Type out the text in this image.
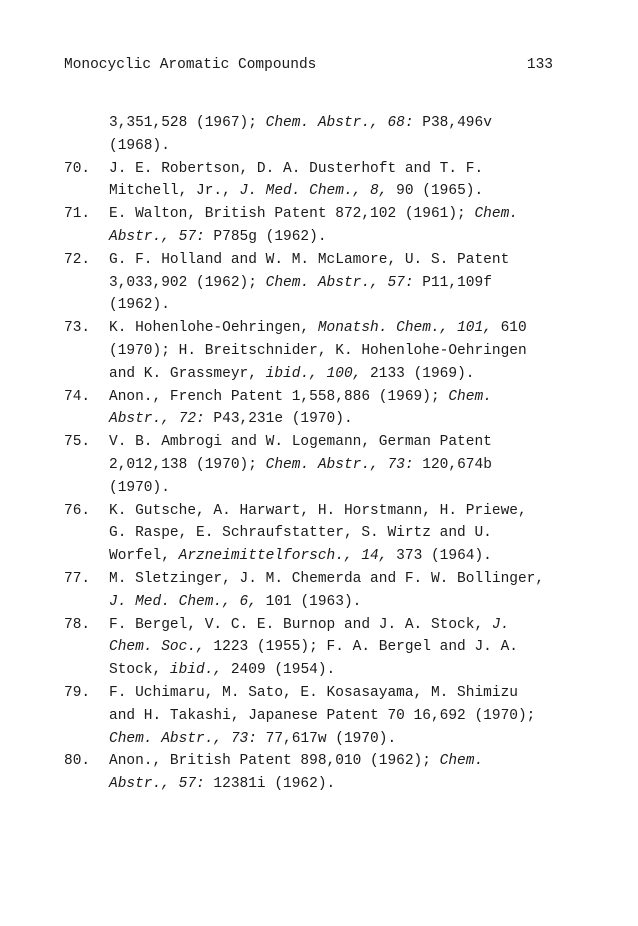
Monocyclic Aromatic Compounds	133
3,351,528 (1967); Chem. Abstr., 68: P38,496v
(1968).
70. J. E. Robertson, D. A. Dusterhoft and T. F.
Mitchell, Jr., J. Med. Chem., 8, 90 (1965).
71. E. Walton, British Patent 872,102 (1961); Chem.
Abstr., 57: P785g (1962).
72. G. F. Holland and W. M. McLamore, U. S. Patent
3,033,902 (1962); Chem. Abstr., 57: P11,109f
(1962).
73. K. Hohenlohe-Oehringen, Monatsh. Chem., 101, 610
(1970); H. Breitschnider, K. Hohenlohe-Oehringen
and K. Grassmeyr, ibid., 100, 2133 (1969).
74. Anon., French Patent 1,558,886 (1969); Chem.
Abstr., 72: P43,231e (1970).
75. V. B. Ambrogi and W. Logemann, German Patent
2,012,138 (1970); Chem. Abstr., 73: 120,674b
(1970).
76. K. Gutsche, A. Harwart, H. Horstmann, H. Priewe,
G. Raspe, E. Schraufstatter, S. Wirtz and U.
Worfel, Arzneimittelforsch., 14, 373 (1964).
77. M. Sletzinger, J. M. Chemerda and F. W. Bollinger,
J. Med. Chem., 6, 101 (1963).
78. F. Bergel, V. C. E. Burnop and J. A. Stock, J.
Chem. Soc., 1223 (1955); F. A. Bergel and J. A.
Stock, ibid., 2409 (1954).
79. F. Uchimaru, M. Sato, E. Kosasayama, M. Shimizu
and H. Takashi, Japanese Patent 70 16,692 (1970);
Chem. Abstr., 73: 77,617w (1970).
80. Anon., British Patent 898,010 (1962); Chem.
Abstr., 57: 12381i (1962).
